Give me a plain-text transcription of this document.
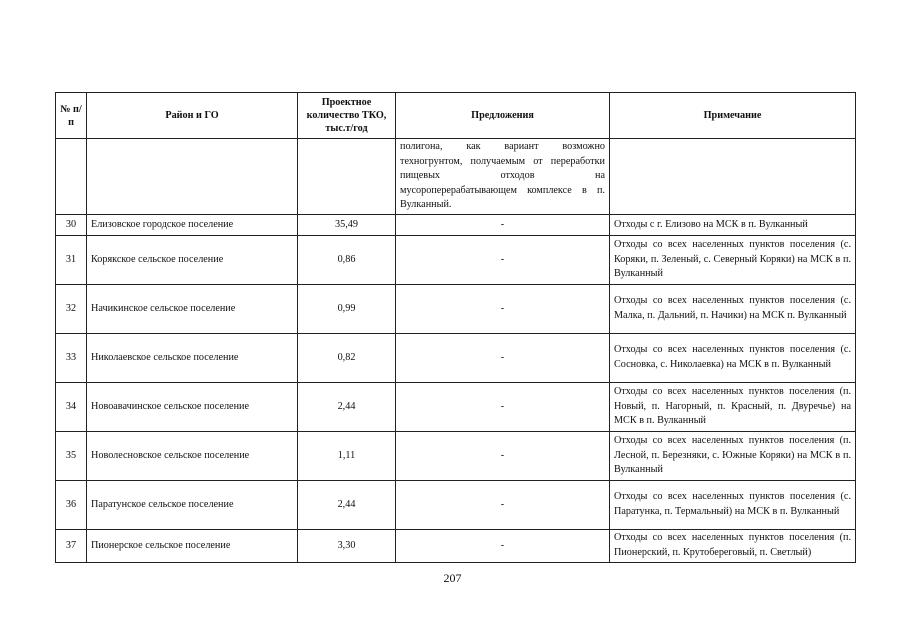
№ п/п	Район и ГО	Проектное количество ТКО, тыс.т/год	Предложения	Примечание
			полигона, как вариант возможно техногрунтом, получаемым от переработки пищевых отходов на мусороперерабатывающем комплексе в п. Вулканный.	
30	Елизовское городское поселение	35,49	-	Отходы с г. Елизово на МСК в п. Вулканный
31	Корякское сельское поселение	0,86	-	Отходы со всех населенных пунктов поселения (с. Коряки, п. Зеленый, с. Северный Коряки) на МСК в п. Вулканный
32	Начикинское сельское поселение	0,99	-	Отходы со всех населенных пунктов поселения (с. Малка, п. Дальний, п. Начики) на МСК п. Вулканный
33	Николаевское сельское поселение	0,82	-	Отходы со всех населенных пунктов поселения (с. Сосновка, с. Николаевка) на МСК в п. Вулканный
34	Новоавачинское сельское поселение	2,44	-	Отходы со всех населенных пунктов поселения (п. Новый, п. Нагорный, п. Красный, п. Двуречье) на МСК в п. Вулканный
35	Новолесновское сельское поселение	1,11	-	Отходы со всех населенных пунктов поселения (п. Лесной, п. Березняки, с. Южные Коряки) на МСК в п. Вулканный
36	Паратунское сельское поселение	2,44	-	Отходы со всех населенных пунктов поселения (с. Паратунка, п. Термальный) на МСК в п. Вулканный
37	Пионерское сельское поселение	3,30	-	Отходы со всех населенных пунктов поселения (п. Пионерский, п. Крутобереговый, п. Светлый)
207
